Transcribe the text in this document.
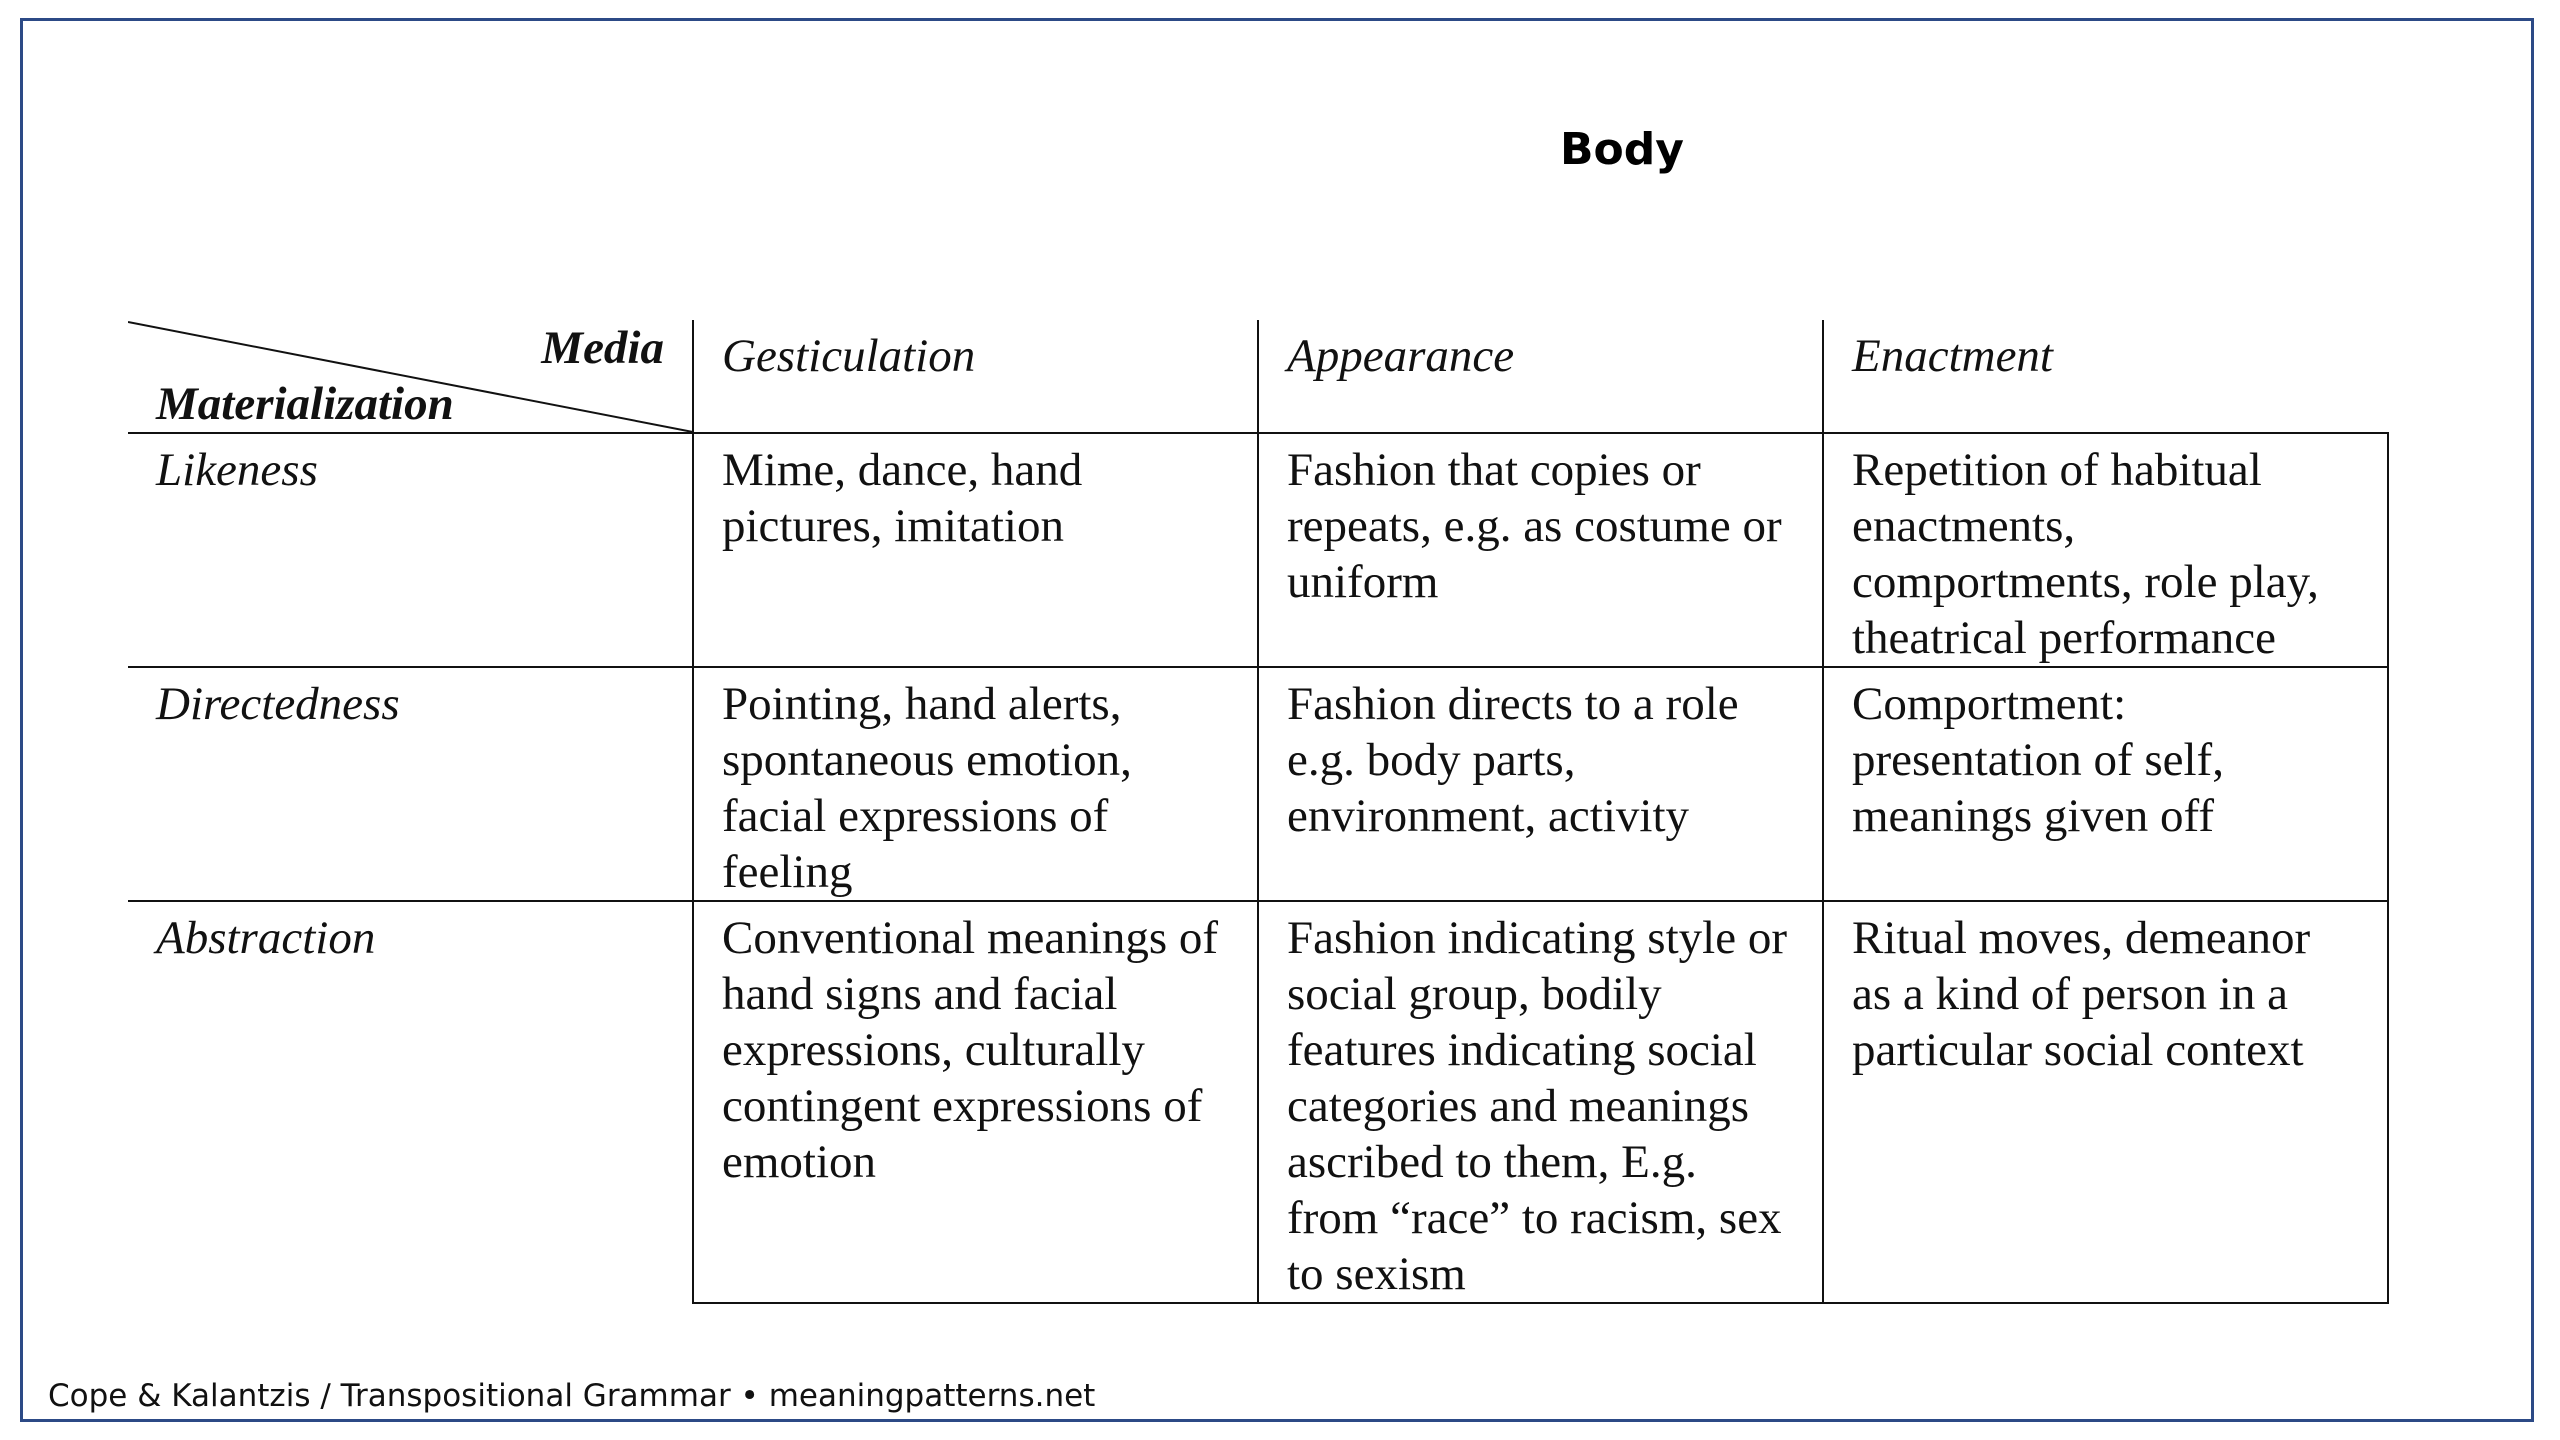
Body
Media
Materialization	Gesticulation	Appearance	Enactment
Likeness	Mime, dance, hand pictures, imitation	Fashion that copies or repeats, e.g. as costume or uniform	Repetition of habitual enactments, comportments, role play, theatrical performance
Directedness	Pointing, hand alerts, spontaneous emotion, facial expressions of feeling	Fashion directs to a role e.g. body parts, environment, activity	Comportment: presentation of self, meanings given off
Abstraction	Conventional meanings of hand signs and facial expressions, culturally contingent expressions of emotion	Fashion indicating style or social group, bodily features indicating social categories and meanings ascribed to them, E.g. from “race” to racism, sex to sexism	Ritual moves, demeanor as a kind of person in a particular social context
Cope & Kalantzis / Transpositional Grammar • meaningpatterns.net
